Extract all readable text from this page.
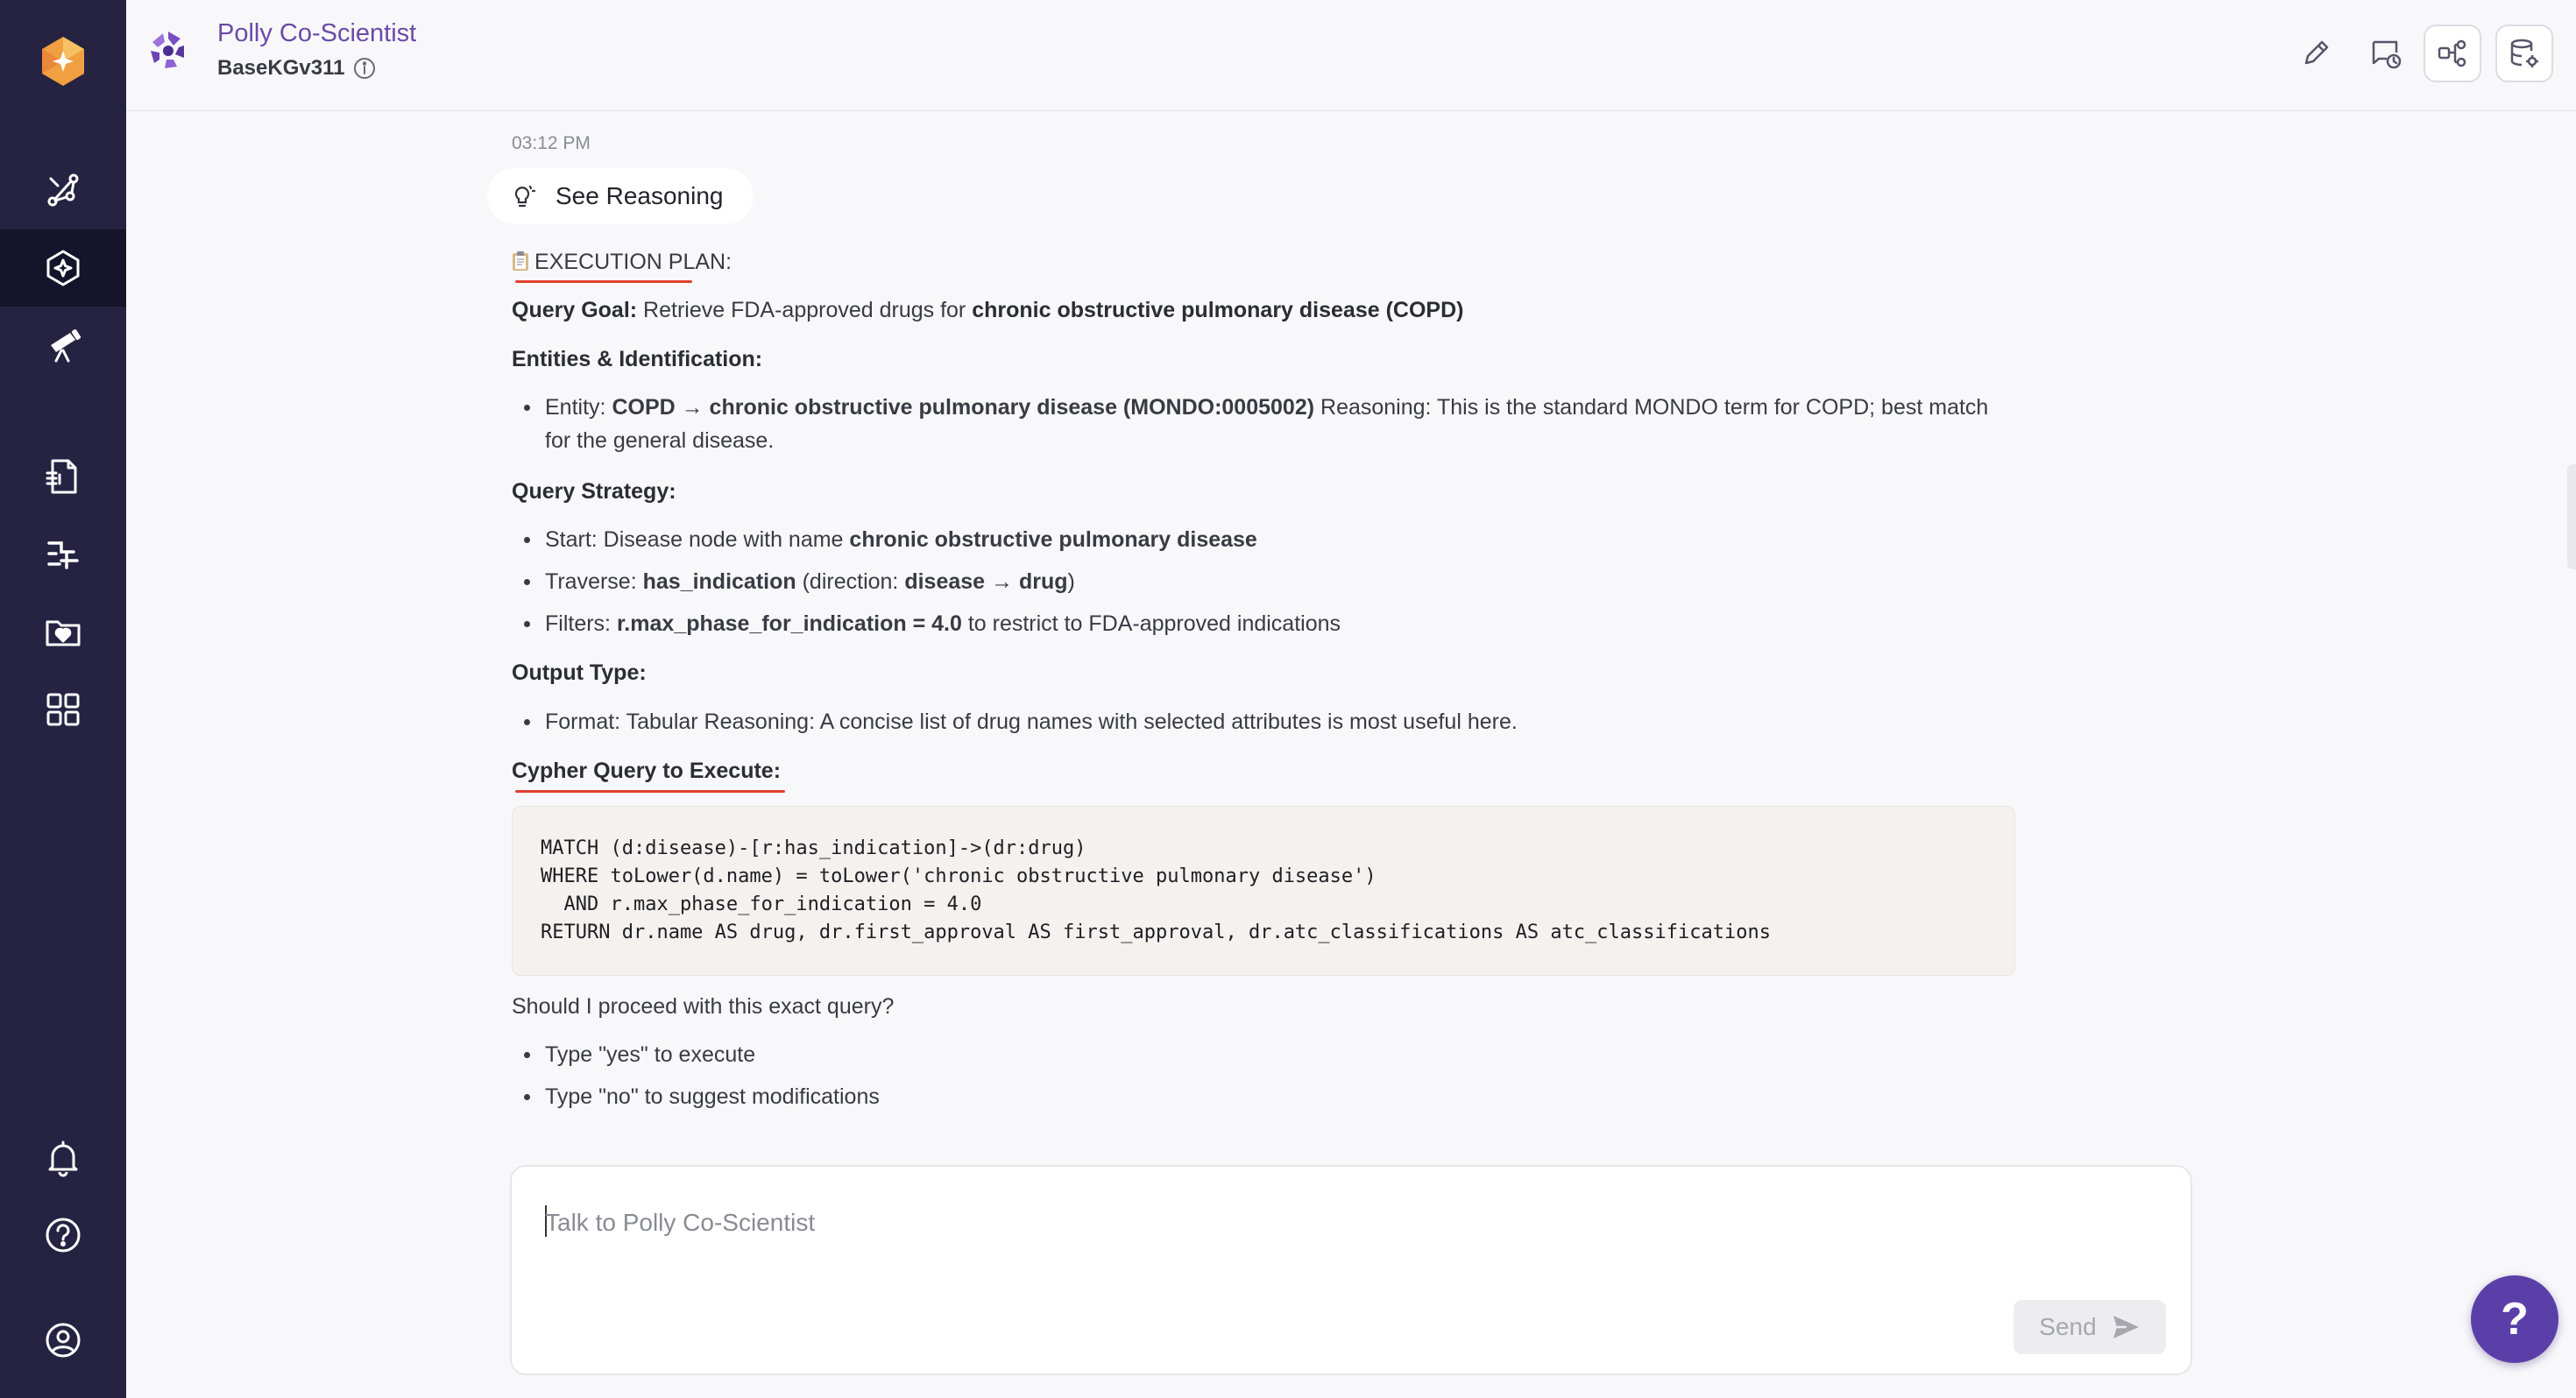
Polly Co-Scientist
BaseKGv311
03:12 PM
See Reasoning
EXECUTION PLAN:
Query Goal: Retrieve FDA-approved drugs for chronic obstructive pulmonary disease (COPD)
Entities & Identification:
Entity: COPD → chronic obstructive pulmonary disease (MONDO:0005002) Reasoning: This is the standard MONDO term for COPD; best match
for the general disease.
Query Strategy:
Start: Disease node with name chronic obstructive pulmonary disease
Traverse: has_indication (direction: disease → drug)
Filters: r.max_phase_for_indication = 4.0 to restrict to FDA-approved indications
Output Type:
Format: Tabular Reasoning: A concise list of drug names with selected attributes is most useful here.
Cypher Query to Execute:
MATCH (d:disease)-[r:has_indication]->(dr:drug)
WHERE toLower(d.name) = toLower('chronic obstructive pulmonary disease')
AND r.max_phase_for_indication = 4.0
RETURN dr.name AS drug, dr.first_approval AS first_approval, dr.atc_classifications AS atc_classifications
Should I proceed with this exact query?
Type "yes" to execute
Type "no" to suggest modifications
Talk to Polly Co-Scientist
Send	?
